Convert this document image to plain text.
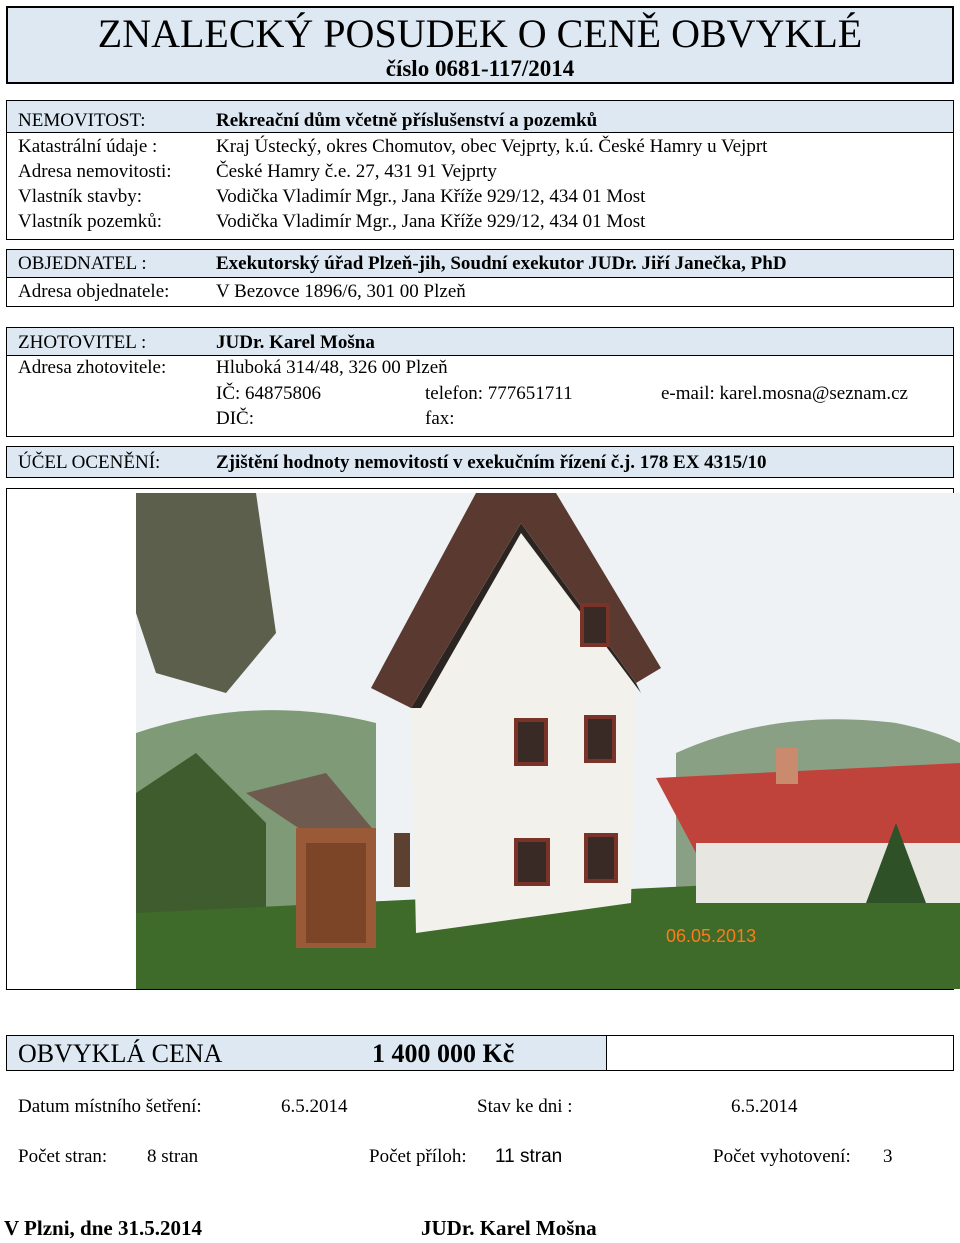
ZNALECKÝ POSUDEK O CENĚ OBVYKLÉ
číslo 0681-117/2014
NEMOVITOST:	Rekreační dům včetně příslušenství a pozemků
Katastrální údaje :	Kraj Ústecký, okres Chomutov, obec Vejprty, k.ú. České Hamry u Vejprt
Adresa nemovitosti: České Hamry č.e. 27, 431 91 Vejprty
Vlastník stavby:	Vodička Vladimír Mgr., Jana Kříže 929/12, 434 01 Most
Vlastník pozemků:	Vodička Vladimír Mgr., Jana Kříže 929/12, 434 01 Most
OBJEDNATEL :	Exekutorský úřad Plzeň-jih, Soudní exekutor JUDr. Jiří Janečka, PhD
Adresa objednatele: V Bezovce 1896/6, 301 00 Plzeň
ZHOTOVITEL :	JUDr. Karel Mošna
Adresa zhotovitele:	Hluboká 314/48, 326 00 Plzeň
IČ: 64875806	telefon: 777651711	e-mail: karel.mosna@seznam.cz
DIČ:	fax:
ÚČEL OCENĚNÍ:	Zjištění hodnoty nemovitostí v exekučním řízení č.j. 178 EX 4315/10
06.05.2013
OBVYKLÁ CENA	1 400 000 Kč
Datum místního šetření:	6.5.2014	Stav ke dni :	6.5.2014
Počet stran: 8 stran	Počet příloh: 11 stran	Počet vyhotovení: 3
V Plzni, dne 31.5.2014	JUDr. Karel Mošna
